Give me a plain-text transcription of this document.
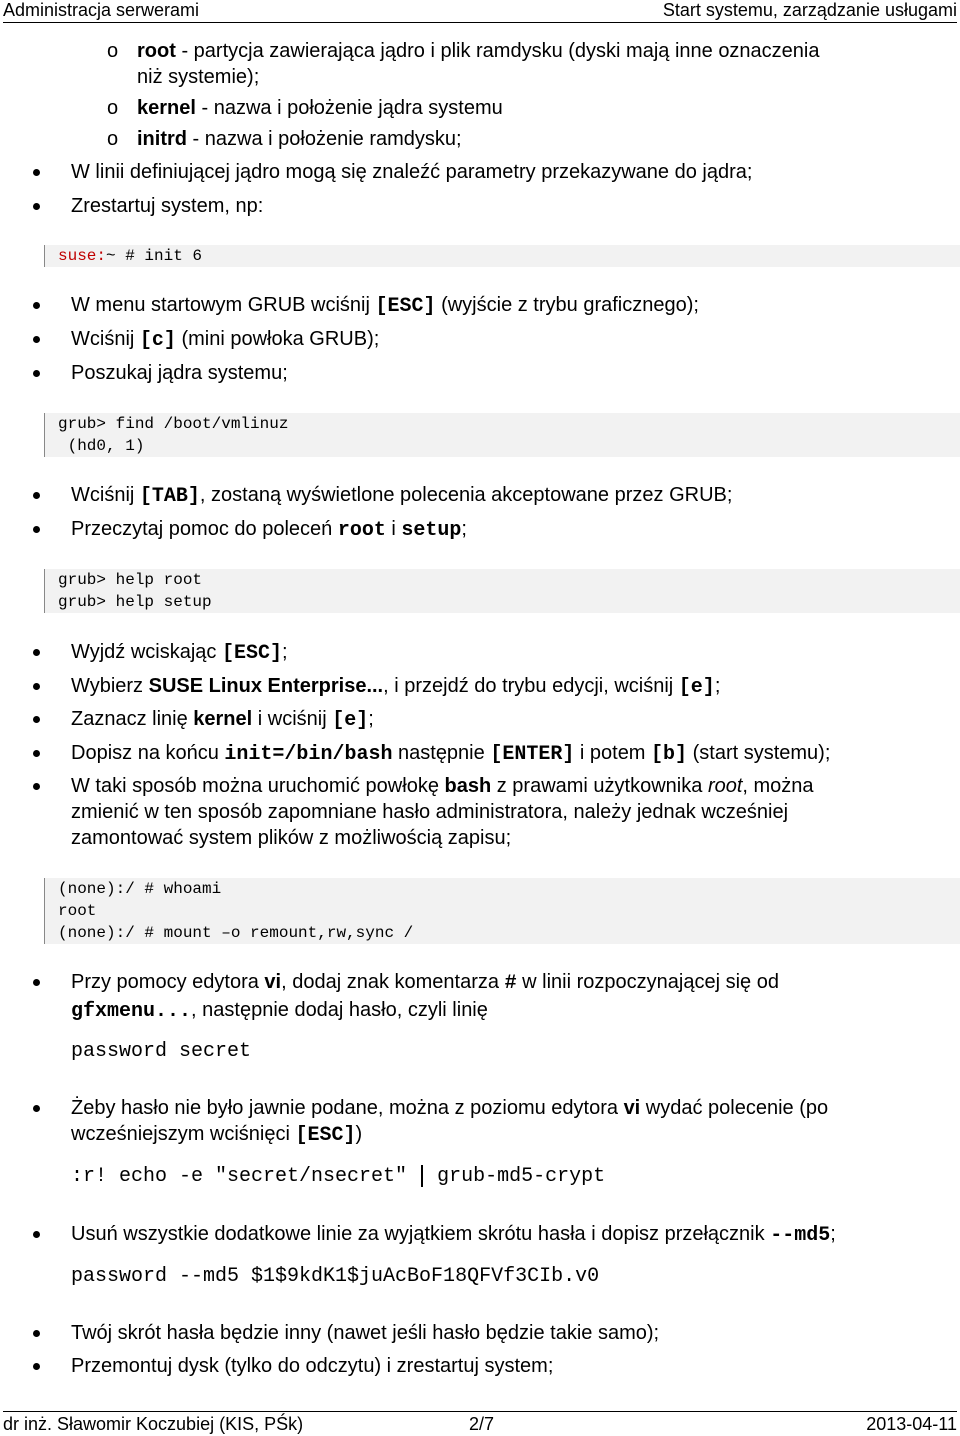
Administracja serwerami	Start systemu, zarządzanie usługami
o root - partycja zawierająca jądro i plik ramdysku (dyski mają inne oznaczenia
niż systemie);
o kernel - nazwa i położenie jądra systemu
o initrd - nazwa i położenie ramdysku;
W linii definiującej jądro mogą się znaleźć parametry przekazywane do jądra;
Zrestartuj system, np:
suse:~ # init 6
W menu startowym GRUB wciśnij [ESC] (wyjście z trybu graficznego);
Wciśnij [c] (mini powłoka GRUB);
Poszukaj jądra systemu;
grub> find /boot/vmlinuz
(hd0, 1)
Wciśnij [TAB], zostaną wyświetlone polecenia akceptowane przez GRUB;
Przeczytaj pomoc do poleceń root i setup;
grub> help root
grub> help setup
Wyjdź wciskając [ESC];
Wybierz SUSE Linux Enterprise..., i przejdź do trybu edycji, wciśnij [e];
Zaznacz linię kernel i wciśnij [e];
Dopisz na końcu init=/bin/bash następnie [ENTER] i potem [b] (start systemu);
W taki sposób można uruchomić powłokę bash z prawami użytkownika root, można
zmienić w ten sposób zapomniane hasło administratora, należy jednak wcześniej
zamontować system plików z możliwością zapisu;
(none):/ # whoami
root
(none):/ # mount –o remount,rw,sync /
Przy pomocy edytora vi, dodaj znak komentarza # w linii rozpoczynającej się od
gfxmenu..., następnie dodaj hasło, czyli linię
password secret
Żeby hasło nie było jawnie podane, można z poziomu edytora vi wydać polecenie (po
wcześniejszym wciśnięci [ESC])
:r! echo -e "secret/nsecret" grub-md5-crypt
Usuń wszystkie dodatkowe linie za wyjątkiem skrótu hasła i dopisz przełącznik --md5;
password --md5 $1$9kdK1$juAcBoF18QFVf3CIb.v0
Twój skrót hasła będzie inny (nawet jeśli hasło będzie takie samo);
Przemontuj dysk (tylko do odczytu) i zrestartuj system;
dr inż. Sławomir Koczubiej (KIS, PŚk)	2/7	2013-04-11
